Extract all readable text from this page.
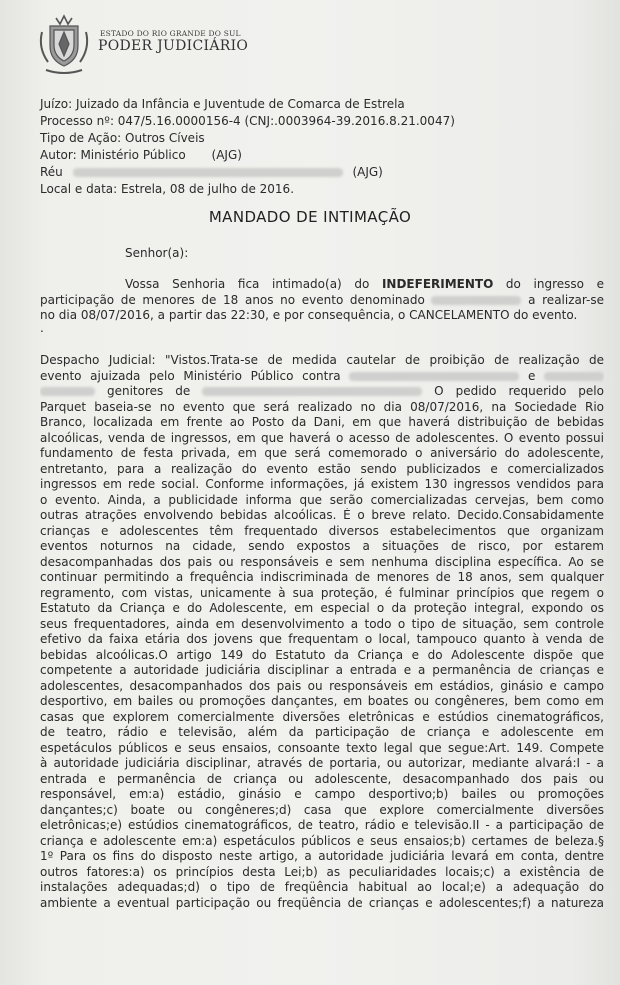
ESTADO DO RIO GRANDE DO SUL
PODER JUDICIÁRIO
Juízo: Juizado da Infância e Juventude de Comarca de Estrela
Processo nº: 047/5.16.0000156-4 (CNJ:.0003964-39.2016.8.21.0047)
Tipo de Ação: Outros Cíveis
Autor: Ministério Público (AJG)
Réu	(AJG)
Local e data: Estrela, 08 de julho de 2016.
MANDADO DE INTIMAÇÃO
Senhor(a):
Vossa Senhoria fica intimado(a) do INDEFERIMENTO do ingresso e
participação de menores de 18 anos no evento denominado	a realizar-se
no dia 08/07/2016, a partir das 22:30, e por consequência, o CANCELAMENTO do evento.
.
Despacho Judicial: "Vistos.Trata-se de medida cautelar de proibição de realização de
evento ajuizada pelo Ministério Público contra	e
genitores de	O pedido requerido pelo
Parquet baseia-se no evento que será realizado no dia 08/07/2016, na Sociedade Rio
Branco, localizada em frente ao Posto da Dani, em que haverá distribuição de bebidas
alcoólicas, venda de ingressos, em que haverá o acesso de adolescentes. O evento possui
fundamento de festa privada, em que será comemorado o aniversário do adolescente,
entretanto, para a realização do evento estão sendo publicizados e comercializados
ingressos em rede social. Conforme informações, já existem 130 ingressos vendidos para
o evento. Ainda, a publicidade informa que serão comercializadas cervejas, bem como
outras atrações envolvendo bebidas alcoólicas. É o breve relato. Decido.Consabidamente
crianças e adolescentes têm frequentado diversos estabelecimentos que organizam
eventos noturnos na cidade, sendo expostos a situações de risco, por estarem
desacompanhadas dos pais ou responsáveis e sem nenhuma disciplina específica. Ao se
continuar permitindo a frequência indiscriminada de menores de 18 anos, sem qualquer
regramento, com vistas, unicamente à sua proteção, é fulminar princípios que regem o
Estatuto da Criança e do Adolescente, em especial o da proteção integral, expondo os
seus frequentadores, ainda em desenvolvimento a todo o tipo de situação, sem controle
efetivo da faixa etária dos jovens que frequentam o local, tampouco quanto à venda de
bebidas alcoólicas.O artigo 149 do Estatuto da Criança e do Adolescente dispõe que
competente a autoridade judiciária disciplinar a entrada e a permanência de crianças e
adolescentes, desacompanhados dos pais ou responsáveis em estádios, ginásio e campo
desportivo, em bailes ou promoções dançantes, em boates ou congêneres, bem como em
casas que explorem comercialmente diversões eletrônicas e estúdios cinematográficos,
de teatro, rádio e televisão, além da participação de criança e adolescente em
espetáculos públicos e seus ensaios, consoante texto legal que segue:Art. 149. Compete
à autoridade judiciária disciplinar, através de portaria, ou autorizar, mediante alvará:I - a
entrada e permanência de criança ou adolescente, desacompanhado dos pais ou
responsável, em:a) estádio, ginásio e campo desportivo;b) bailes ou promoções
dançantes;c) boate ou congêneres;d) casa que explore comercialmente diversões
eletrônicas;e) estúdios cinematográficos, de teatro, rádio e televisão.II - a participação de
criança e adolescente em:a) espetáculos públicos e seus ensaios;b) certames de beleza.§
1º Para os fins do disposto neste artigo, a autoridade judiciária levará em conta, dentre
outros fatores:a) os princípios desta Lei;b) as peculiaridades locais;c) a existência de
instalações adequadas;d) o tipo de freqüência habitual ao local;e) a adequação do
ambiente a eventual participação ou freqüência de crianças e adolescentes;f) a natureza
